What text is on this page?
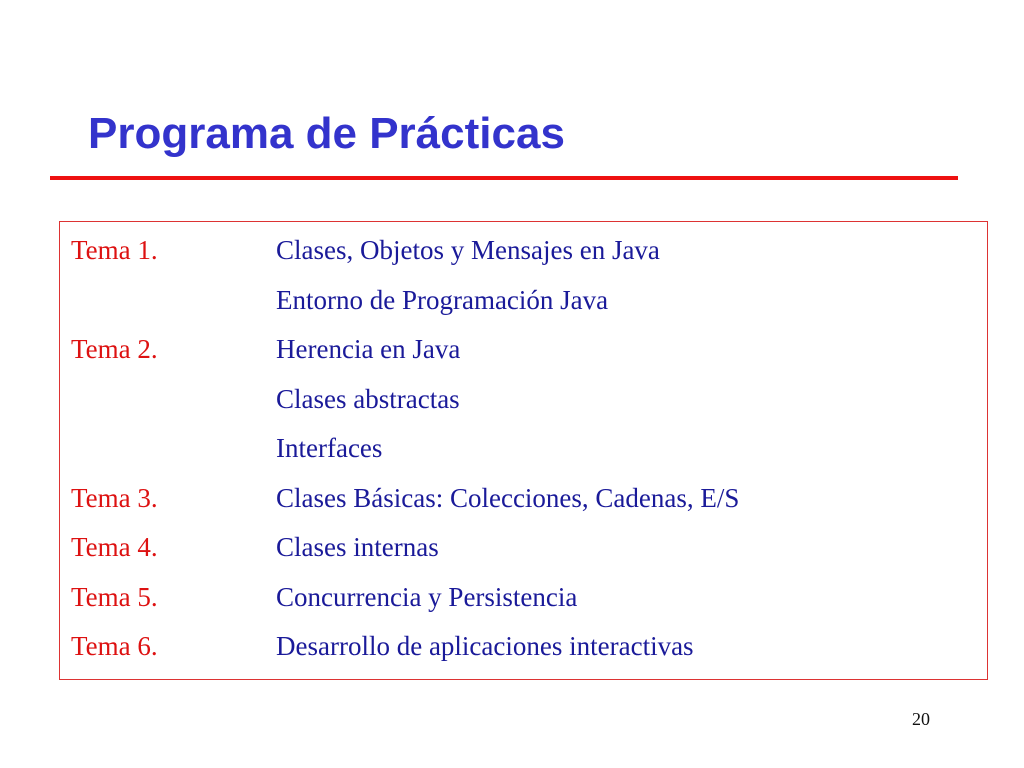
Programa de Prácticas
Tema 1.	Clases, Objetos y Mensajes en Java
Entorno de Programación Java
Tema 2.	Herencia en Java
Clases abstractas
Interfaces
Tema 3.	Clases Básicas: Colecciones, Cadenas, E/S
Tema 4.	Clases internas
Tema 5.	Concurrencia y Persistencia
Tema 6.	Desarrollo de aplicaciones interactivas
20
